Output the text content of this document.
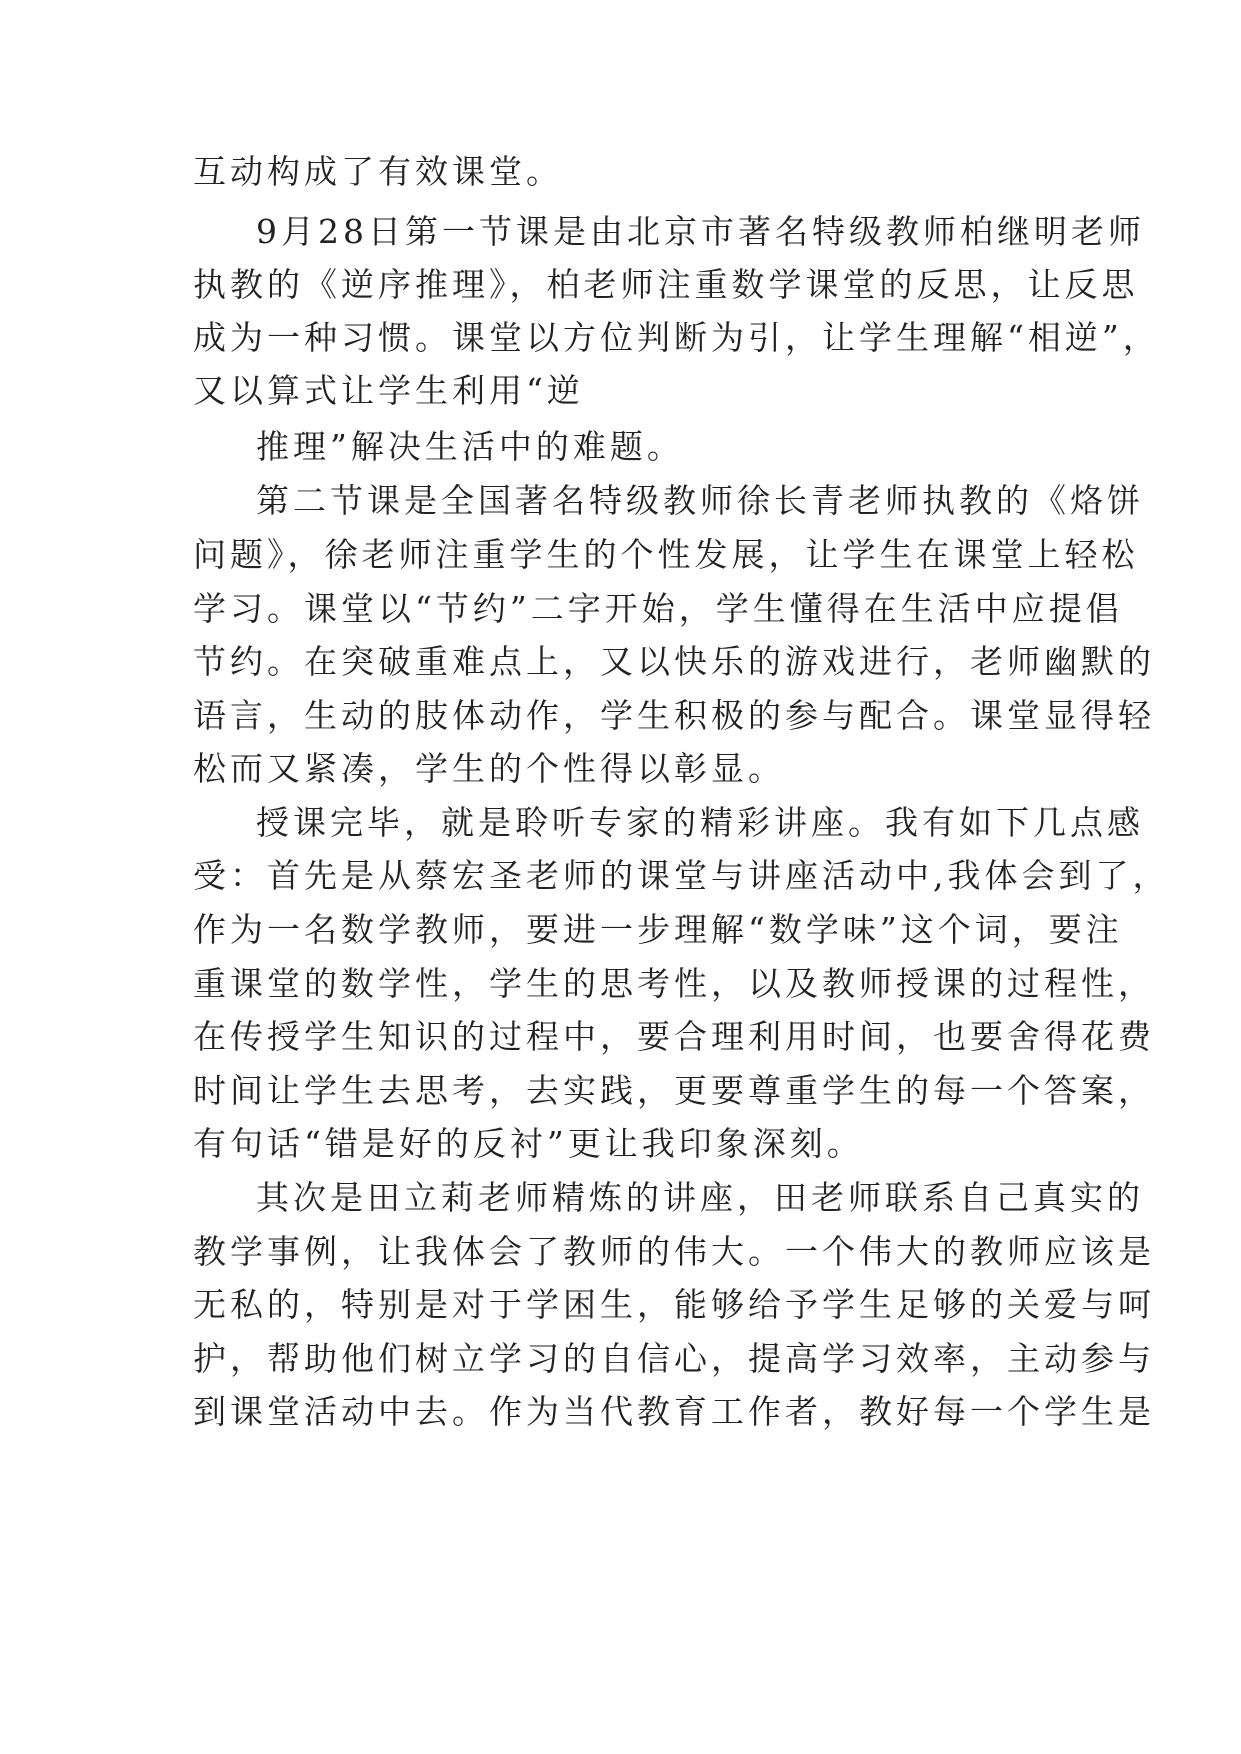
互动构成了有效课堂。
9月28日第一节课是由北京市著名特级教师柏继明老师
执教的《逆序推理》，柏老师注重数学课堂的反思，让反思
成为一种习惯。课堂以方位判断为引，让学生理解“相逆”，
又以算式让学生利用“逆
推理”解决生活中的难题。
第二节课是全国著名特级教师徐长青老师执教的《烙饼
问题》，徐老师注重学生的个性发展，让学生在课堂上轻松
学习。课堂以“节约”二字开始，学生懂得在生活中应提倡
节约。在突破重难点上，又以快乐的游戏进行，老师幽默的
语言，生动的肢体动作，学生积极的参与配合。课堂显得轻
松而又紧凑，学生的个性得以彰显。
授课完毕，就是聆听专家的精彩讲座。我有如下几点感
受：首先是从蔡宏圣老师的课堂与讲座活动中,我体会到了，
作为一名数学教师，要进一步理解“数学味”这个词，要注
重课堂的数学性，学生的思考性，以及教师授课的过程性，
在传授学生知识的过程中，要合理利用时间，也要舍得花费
时间让学生去思考，去实践，更要尊重学生的每一个答案，
有句话“错是好的反衬”更让我印象深刻。
其次是田立莉老师精炼的讲座，田老师联系自己真实的
教学事例，让我体会了教师的伟大。一个伟大的教师应该是
无私的，特别是对于学困生，能够给予学生足够的关爱与呵
护，帮助他们树立学习的自信心，提高学习效率，主动参与
到课堂活动中去。作为当代教育工作者，教好每一个学生是
